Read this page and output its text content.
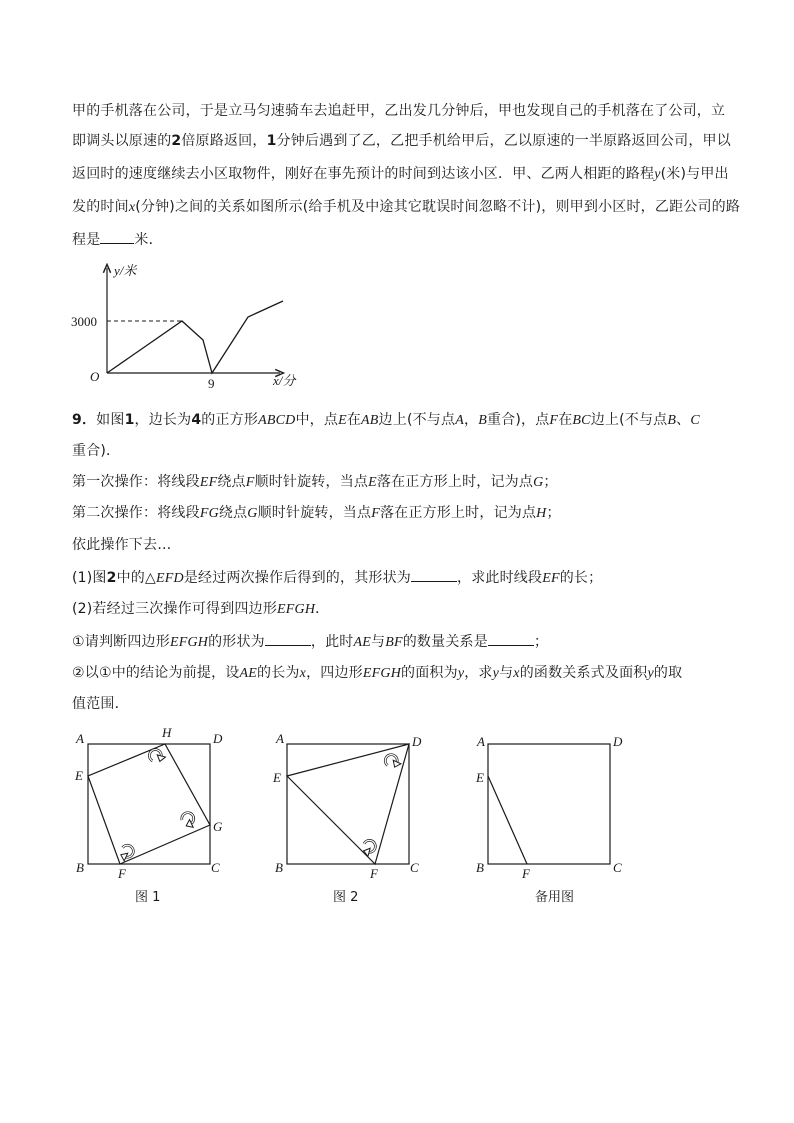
甲的手机落在公司，于是立马匀速骑车去追赶甲，乙出发几分钟后，甲也发现自己的手机落在了公司，立
即调头以原速的2倍原路返回，1分钟后遇到了乙，乙把手机给甲后，乙以原速的一半原路返回公司，甲以
返回时的速度继续去小区取物件，刚好在事先预计的时间到达该小区．甲、乙两人相距的路程y(米)与甲出
发的时间x(分钟)之间的关系如图所示(给手机及中途其它耽误时间忽略不计)，则甲到小区时，乙距公司的路
程是 米．
y/米
x/分
O
3000
9
9．如图1，边长为4的正方形ABCD中，点E在AB边上(不与点A，B重合)，点F在BC边上(不与点B、C
重合)．
第一次操作：将线段EF绕点F顺时针旋转，当点E落在正方形上时，记为点G；
第二次操作：将线段FG绕点G顺时针旋转，当点F落在正方形上时，记为点H；
依此操作下去…
(1)图2中的△EFD是经过两次操作后得到的，其形状为	，求此时线段EF的长；
(2)若经过三次操作可得到四边形EFGH．
①请判断四边形EFGH的形状为	，此时AE与BF的数量关系是	；
②以①中的结论为前提，设AE的长为x，四边形EFGH的面积为y，求y与x的函数关系式及面积y的取
值范围．
A	D
H
E
G
B	F	C
图 1
A	D
E
B	F C
图 2
A	D
E
B	F	C
备用图
